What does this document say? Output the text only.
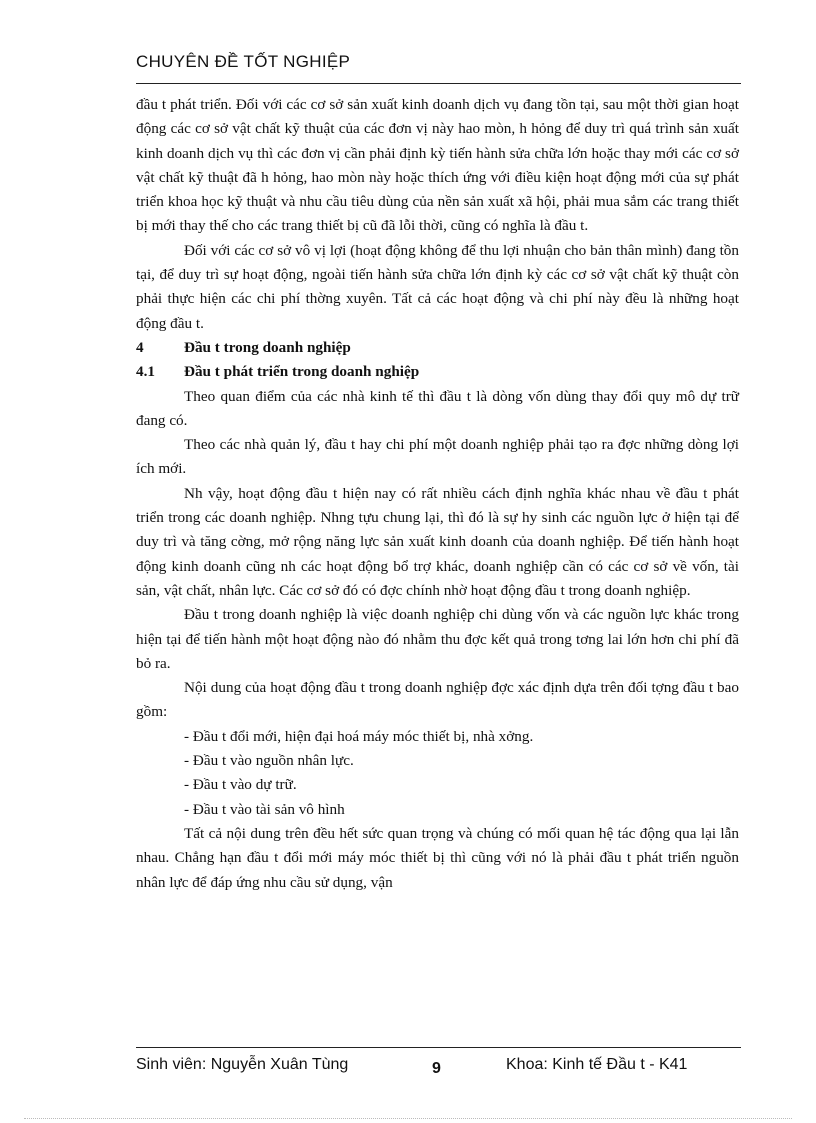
CHUYÊN ĐỀ TỐT NGHIỆP

đầu t phát triển. Đối với các cơ sở sản xuất kinh doanh dịch vụ đang tồn tại, sau một thời gian hoạt động các cơ sở vật chất kỹ thuật của các đơn vị này hao mòn, h hỏng để duy trì quá trình sản xuất kinh doanh dịch vụ thì các đơn vị cần phải định kỳ tiến hành sửa chữa lớn hoặc thay mới các cơ sở vật chất kỹ thuật đã h hỏng, hao mòn này hoặc thích ứng với điều kiện hoạt động mới của sự phát triển khoa học kỹ thuật và nhu cầu tiêu dùng của nền sản xuất xã hội, phải mua sắm các trang thiết bị mới thay thế cho các trang thiết bị cũ đã lỗi thời, cũng có nghĩa là đầu t.

Đối với các cơ sở vô vị lợi (hoạt động không để thu lợi nhuận cho bản thân mình) đang tồn tại, để duy trì sự hoạt động, ngoài tiến hành sửa chữa lớn định kỳ các cơ sở vật chất kỹ thuật còn phải thực hiện các chi phí thờng xuyên. Tất cả các hoạt động và chi phí này đều là những hoạt động đầu t.

4	Đầu t trong doanh nghiệp
4.1	Đầu t phát triển trong doanh nghiệp

Theo quan điểm của các nhà kinh tế thì đầu t là dòng vốn dùng thay đổi quy mô dự trữ đang có.

Theo các nhà quản lý, đầu t hay chi phí một doanh nghiệp phải tạo ra đợc những dòng lợi ích mới.

Nh vậy, hoạt động đầu t hiện nay có rất nhiều cách định nghĩa khác nhau về đầu t phát triển trong các doanh nghiệp. Nhng tựu chung lại, thì đó là sự hy sinh các nguồn lực ở hiện tại để duy trì và tăng cờng, mở rộng năng lực sản xuất kinh doanh của doanh nghiệp. Để tiến hành hoạt động kinh doanh cũng nh các hoạt động bổ trợ khác, doanh nghiệp cần có các cơ sở về vốn, tài sản, vật chất, nhân lực. Các cơ sở đó có đợc chính nhờ hoạt động đầu t trong doanh nghiệp.

Đầu t trong doanh nghiệp là việc doanh nghiệp chi dùng vốn và các nguồn lực khác trong hiện tại để tiến hành một hoạt động nào đó nhằm thu đợc kết quả trong tơng lai lớn hơn chi phí đã bỏ ra.

Nội dung của hoạt động đầu t trong doanh nghiệp đợc xác định dựa trên đối tợng đầu t bao gồm:

- Đầu t đổi mới, hiện đại hoá máy móc thiết bị, nhà xởng.
- Đầu t vào nguồn nhân lực.
- Đầu t vào dự trữ.
- Đầu t vào tài sản vô hình

Tất cả nội dung trên đều hết sức quan trọng và chúng có mối quan hệ tác động qua lại lẫn nhau. Chẳng hạn đầu t đổi mới máy móc thiết bị thì cũng với nó là phải đầu t phát triển nguồn nhân lực để đáp ứng nhu cầu sử dụng, vận

Sinh viên: Nguyễn Xuân Tùng	9	Khoa: Kinh tế Đầu t - K41
